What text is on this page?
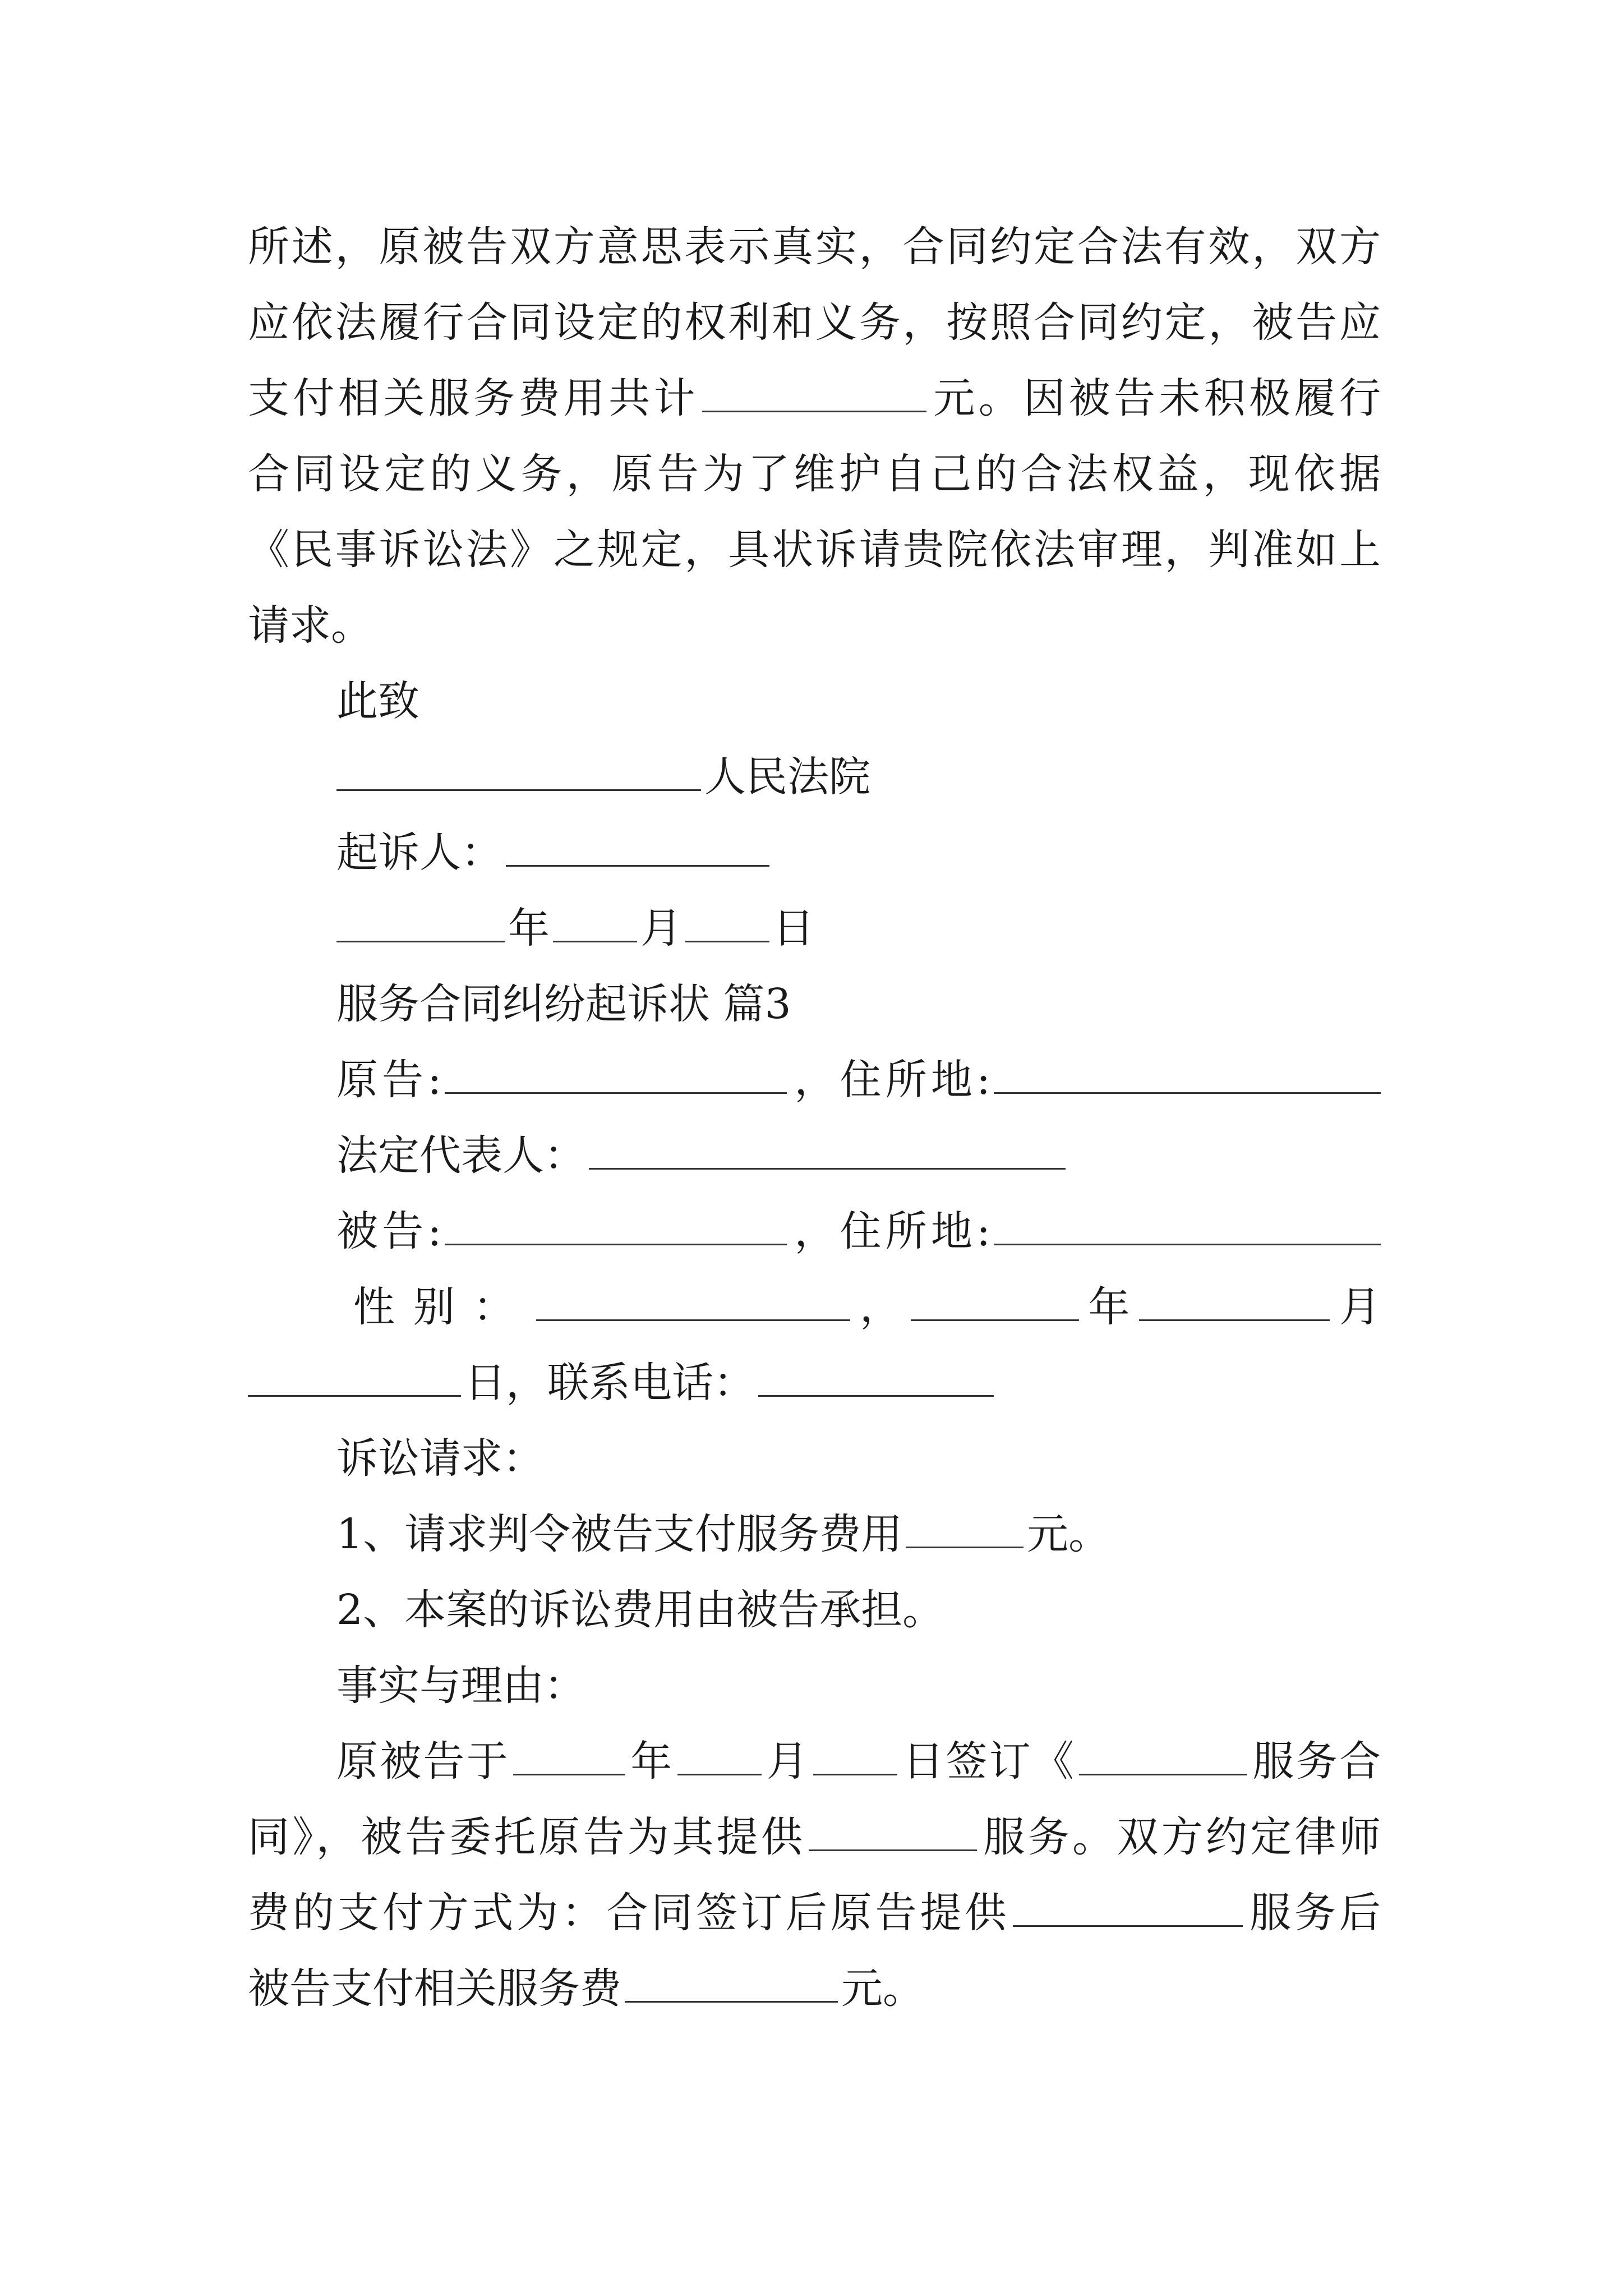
所述，原被告双方意思表示真实，合同约定合法有效，双方
应依法履行合同设定的权利和义务，按照合同约定，被告应
支付相关服务费用共计	元。因被告未积极履行
合同设定的义务，原告为了维护自己的合法权益，现依据
《民事诉讼法》之规定，具状诉请贵院依法审理，判准如上
请求。
此致
人民法院
起诉人：
年 月 日
服务合同纠纷起诉状 篇3
原告:	，住所地:
法定代表人：
被告:	，住所地:
性别：	，	年	月
日，联系电话：
诉讼请求：
1、请求判令被告支付服务费用	元。
2、本案的诉讼费用由被告承担。
事实与理由：
原被告于	年 月 日签订《	服务合
同》，被告委托原告为其提供	服务。双方约定律师
费的支付方式为：合同签订后原告提供	服务后
被告支付相关服务费	元。
